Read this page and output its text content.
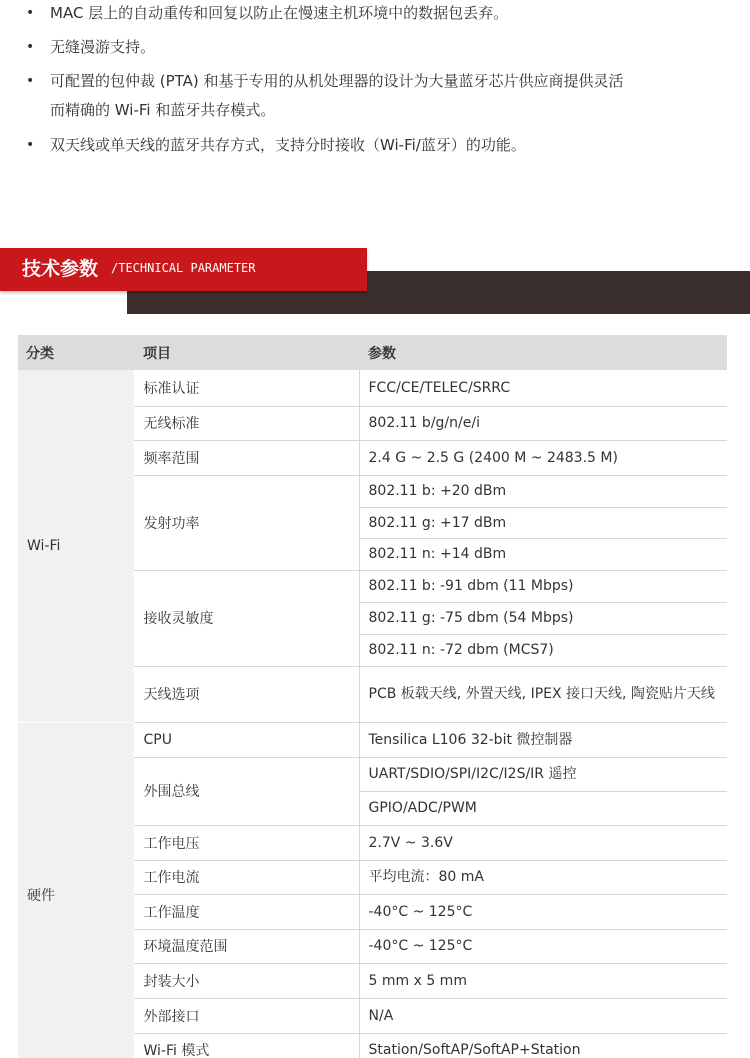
•	MAC 层上的自动重传和回复以防止在慢速主机环境中的数据包丢弃。
•	无缝漫游支持。
•	可配置的包仲裁 (PTA) 和基于专用的从机处理器的设计为大量蓝牙芯片供应商提供灵活
而精确的 Wi-Fi 和蓝牙共存模式。
•	双天线或单天线的蓝牙共存方式，支持分时接收（Wi-Fi/蓝牙）的功能。
技术参数 /TECHNICAL PARAMETER
分类	项目	参数
Wi-Fi	标准认证	FCC/CE/TELEC/SRRC
	无线标准	802.11 b/g/n/e/i
	频率范围	2.4 G ~ 2.5 G (2400 M ~ 2483.5 M)
	发射功率	802.11 b: +20 dBm
		802.11 g: +17 dBm
		802.11 n: +14 dBm
	接收灵敏度	802.11 b: -91 dbm (11 Mbps)
		802.11 g: -75 dbm (54 Mbps)
		802.11 n: -72 dbm (MCS7)
	天线选项	PCB 板载天线, 外置天线, IPEX 接口天线, 陶瓷贴片天线
硬件	CPU	Tensilica L106 32-bit 微控制器
	外围总线	UART/SDIO/SPI/I2C/I2S/IR 遥控
		GPIO/ADC/PWM
	工作电压	2.7V ~ 3.6V
	工作电流	平均电流：80 mA
	工作温度	-40°C ~ 125°C
	环境温度范围	-40°C ~ 125°C
	封装大小	5 mm x 5 mm
	外部接口	N/A
	Wi-Fi 模式	Station/SoftAP/SoftAP+Station
